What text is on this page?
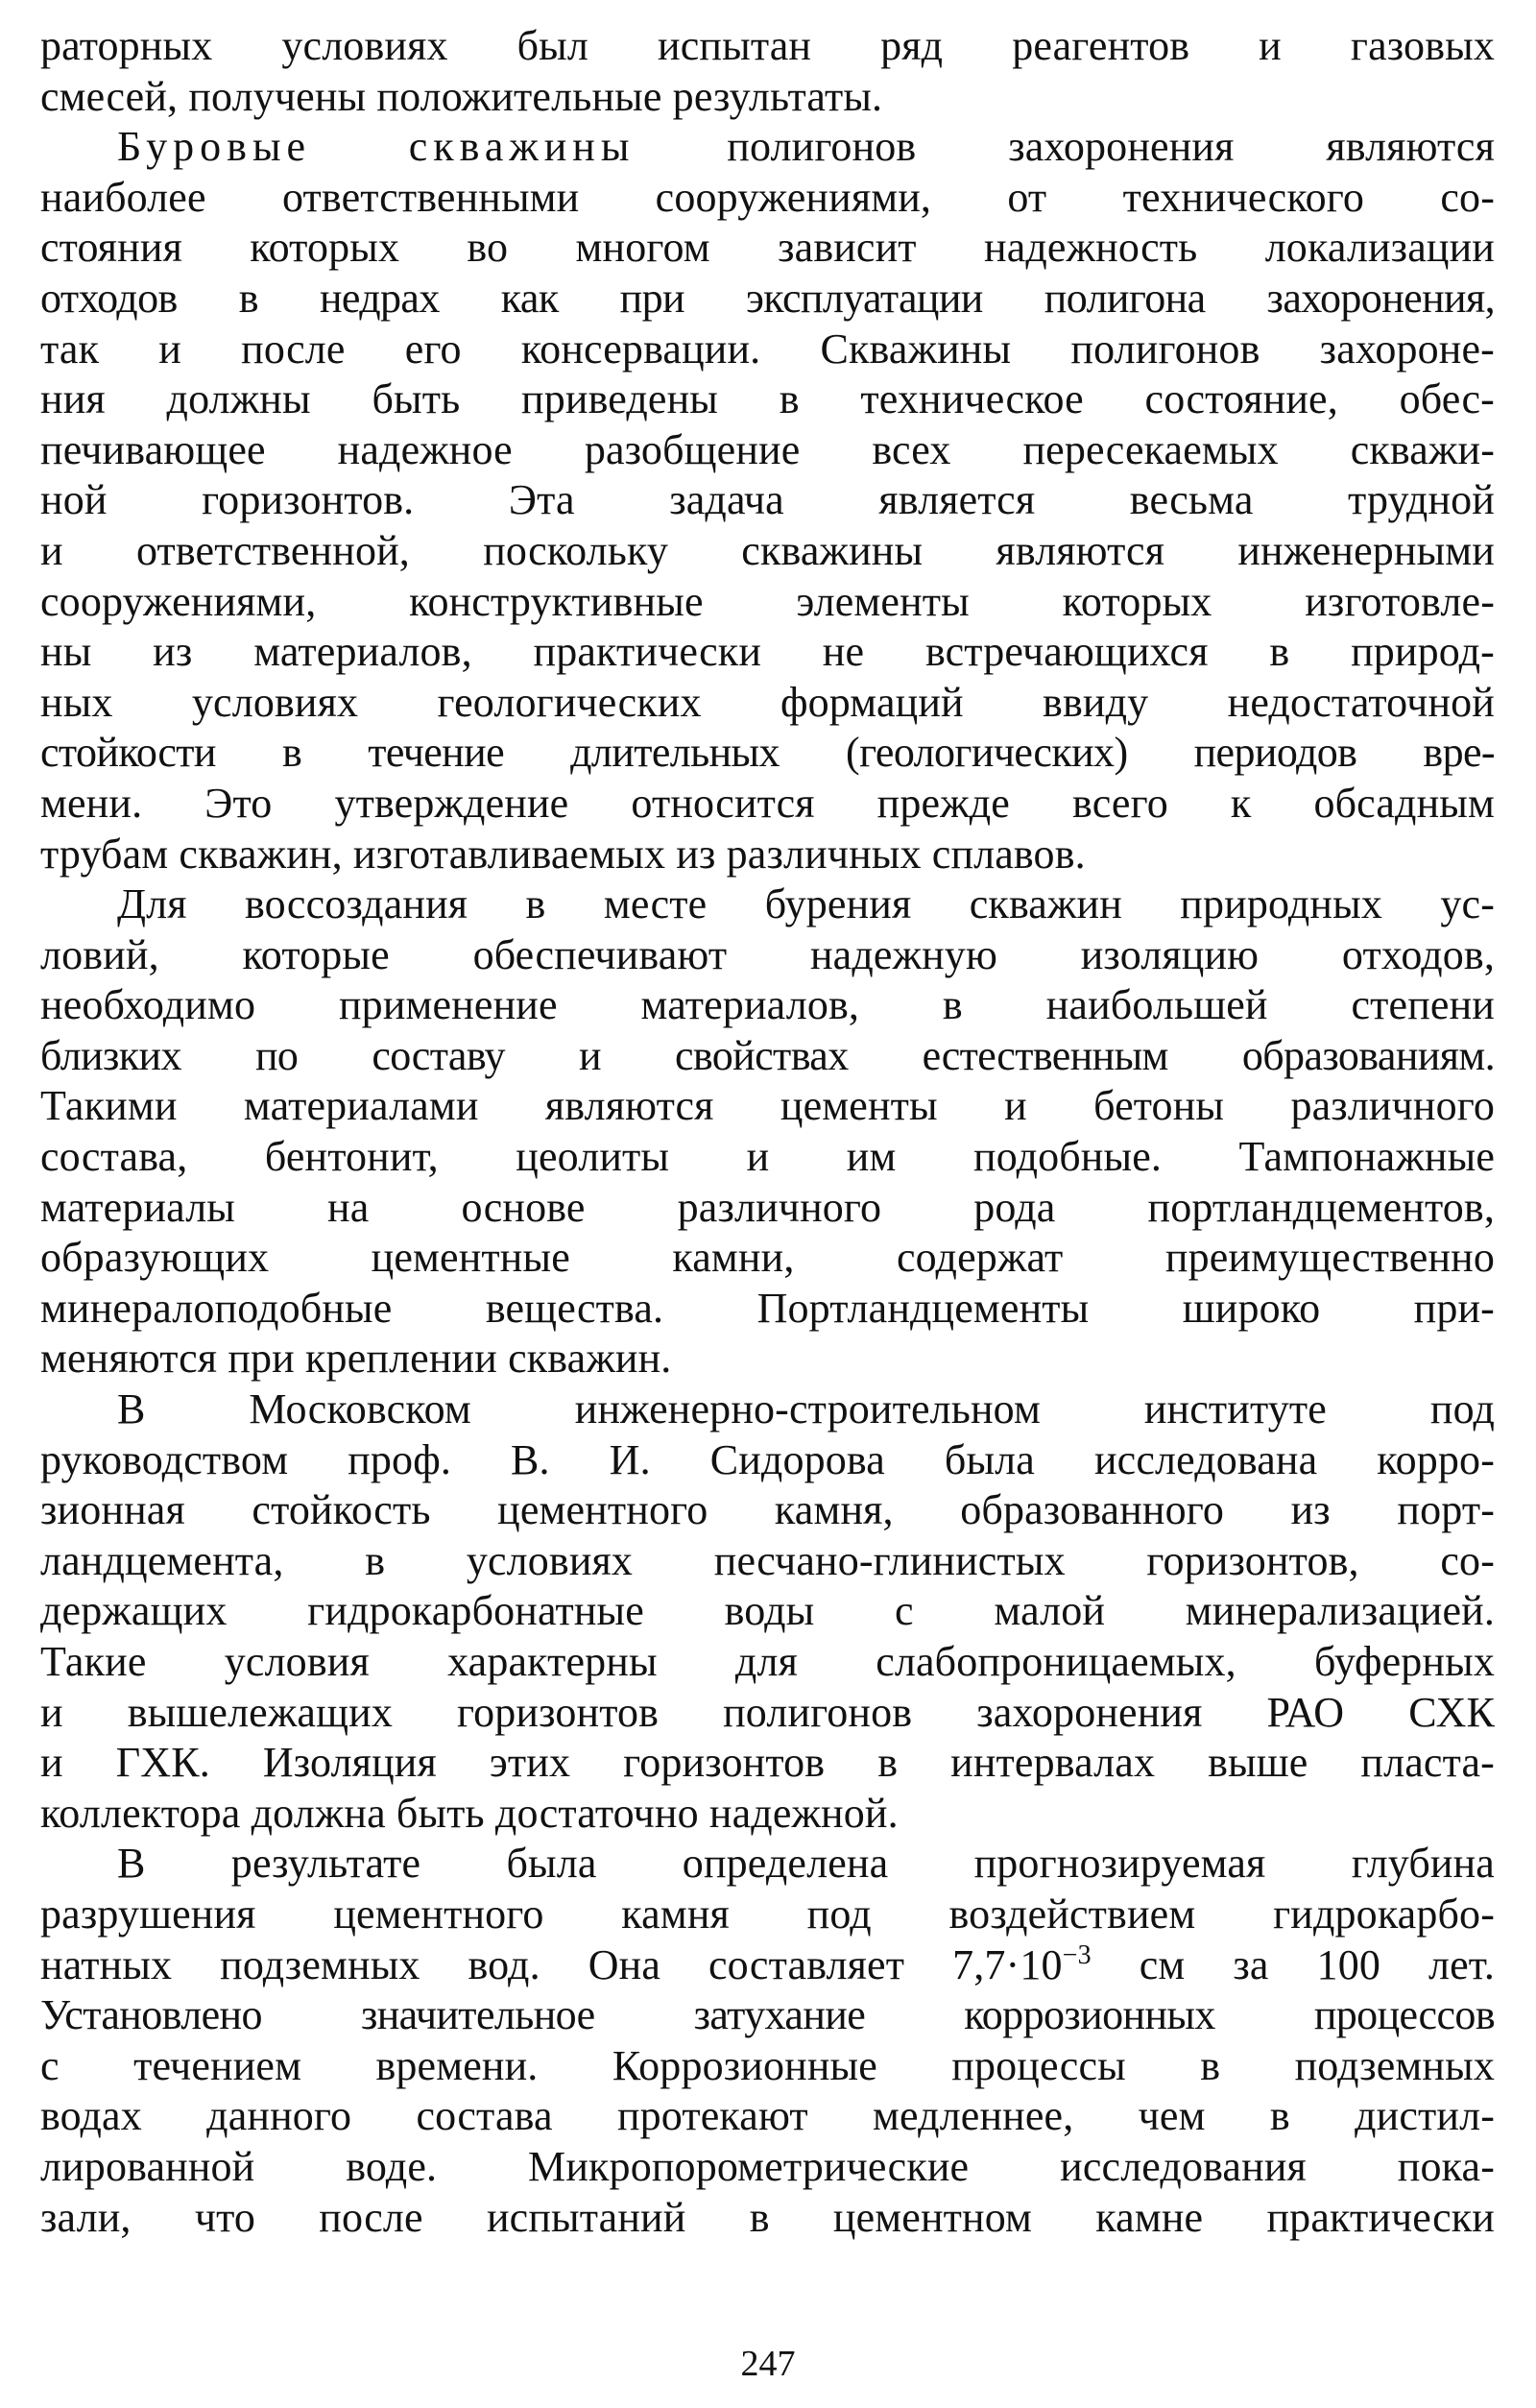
раторных условиях был испытан ряд реагентов и газовых
смесей, получены положительные результаты.
Буровые скважины полигонов захоронения являются
наиболее ответственными сооружениями, от технического со-
стояния которых во многом зависит надежность локализации
отходов в недрах как при эксплуатации полигона захоронения,
так и после его консервации. Скважины полигонов захороне-
ния должны быть приведены в техническое состояние, обес-
печивающее надежное разобщение всех пересекаемых скважи-
ной горизонтов. Эта задача является весьма трудной
и ответственной, поскольку скважины являются инженерными
сооружениями, конструктивные элементы которых изготовле-
ны из материалов, практически не встречающихся в природ-
ных условиях геологических формаций ввиду недостаточной
стойкости в течение длительных (геологических) периодов вре-
мени. Это утверждение относится прежде всего к обсадным
трубам скважин, изготавливаемых из различных сплавов.
Для воссоздания в месте бурения скважин природных ус-
ловий, которые обеспечивают надежную изоляцию отходов,
необходимо применение материалов, в наибольшей степени
близких по составу и свойствах естественным образованиям.
Такими материалами являются цементы и бетоны различного
состава, бентонит, цеолиты и им подобные. Тампонажные
материалы на основе различного рода портландцементов,
образующих цементные камни, содержат преимущественно
минералоподобные вещества. Портландцементы широко при-
меняются при креплении скважин.
В Московском инженерно-строительном институте под
руководством проф. В. И. Сидорова была исследована корро-
зионная стойкость цементного камня, образованного из порт-
ландцемента, в условиях песчано-глинистых горизонтов, со-
держащих гидрокарбонатные воды с малой минерализацией.
Такие условия характерны для слабопроницаемых, буферных
и вышележащих горизонтов полигонов захоронения РАО СХК
и ГХК. Изоляция этих горизонтов в интервалах выше пласта-
коллектора должна быть достаточно надежной.
В результате была определена прогнозируемая глубина
разрушения цементного камня под воздействием гидрокарбо-
натных подземных вод. Она составляет $7,7\cdot 10^{-3}$ см за 100 лет.
Установлено значительное затухание коррозионных процессов
с течением времени. Коррозионные процессы в подземных
водах данного состава протекают медленнее, чем в дистил-
лированной воде. Микропорометрические исследования пока-
зали, что после испытаний в цементном камне практически
247
